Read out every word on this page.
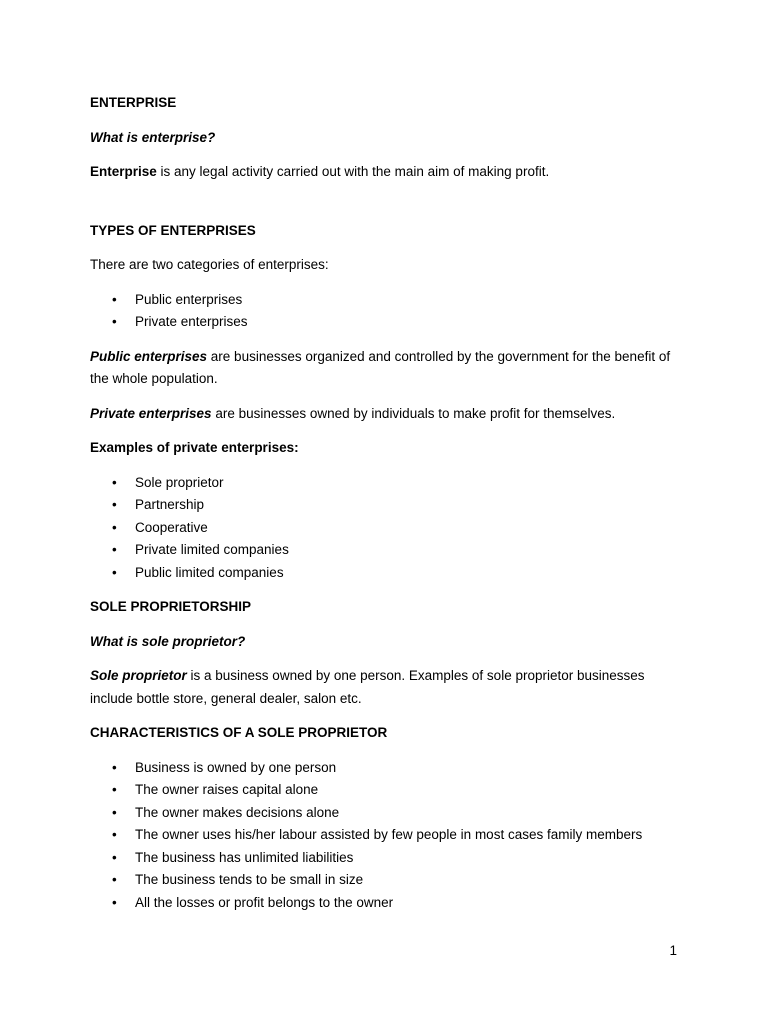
ENTERPRISE

What is enterprise?

Enterprise is any legal activity carried out with the main aim of making profit.

TYPES OF ENTERPRISES

There are two categories of enterprises:

• Public enterprises
• Private enterprises

Public enterprises are businesses organized and controlled by the government for the benefit of the whole population.

Private enterprises are businesses owned by individuals to make profit for themselves.

Examples of private enterprises:

• Sole proprietor
• Partnership
• Cooperative
• Private limited companies
• Public limited companies

SOLE PROPRIETORSHIP

What is sole proprietor?

Sole proprietor is a business owned by one person. Examples of sole proprietor businesses include bottle store, general dealer, salon etc.

CHARACTERISTICS OF A SOLE PROPRIETOR

• Business is owned by one person
• The owner raises capital alone
• The owner makes decisions alone
• The owner uses his/her labour assisted by few people in most cases family members
• The business has unlimited liabilities
• The business tends to be small in size
• All the losses or profit belongs to the owner
1
